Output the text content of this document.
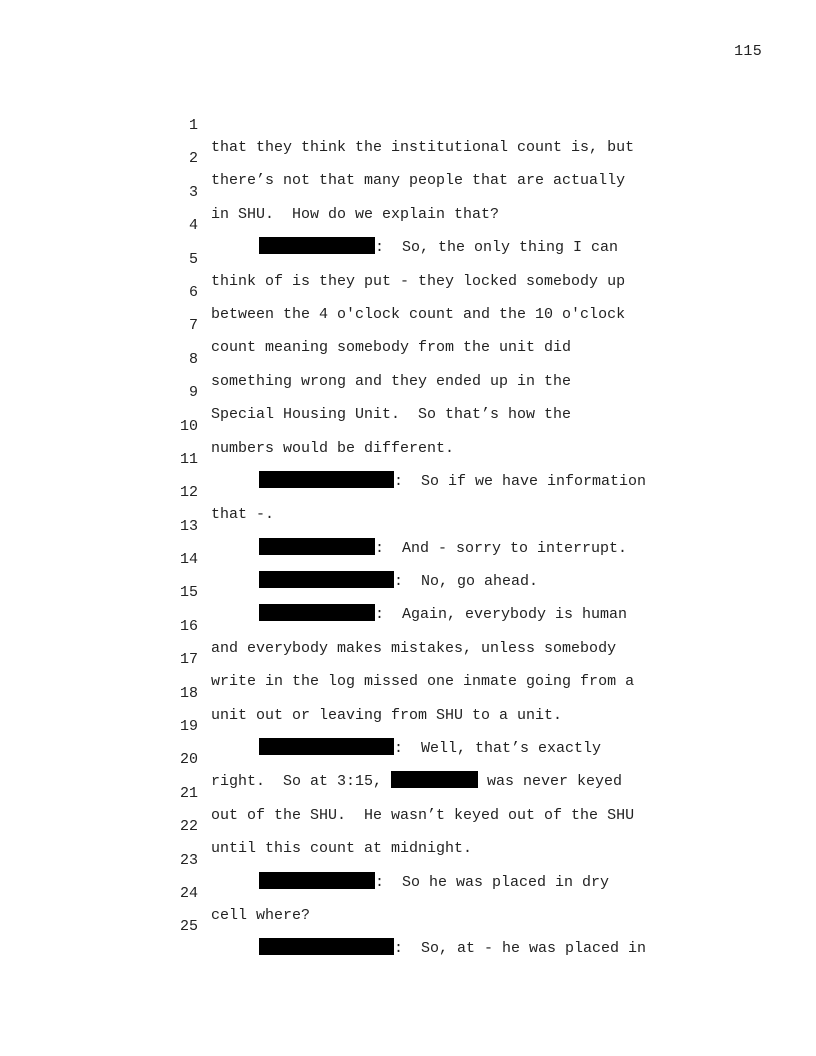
115

1

that they think the institutional count is, but

2

there’s not that many people that are actually

3

in SHU.  How do we explain that?

4

:  So, the only thing I can

5

think of is they put - they locked somebody up

6

between the 4 o'clock count and the 10 o'clock

7

count meaning somebody from the unit did

8

something wrong and they ended up in the

9

Special Housing Unit.  So that’s how the

10

numbers would be different.

11

:  So if we have information

12

that -.

13

:  And - sorry to interrupt.

14

:  No, go ahead.

15

:  Again, everybody is human

16

and everybody makes mistakes, unless somebody

17

write in the log missed one inmate going from a

18

unit out or leaving from SHU to a unit.

19

:  Well, that’s exactly

20

right.  So at 3:15,	was never keyed

21

out of the SHU.  He wasn’t keyed out of the SHU

22

until this count at midnight.

23

:  So he was placed in dry

24

cell where?

25

:  So, at - he was placed in
